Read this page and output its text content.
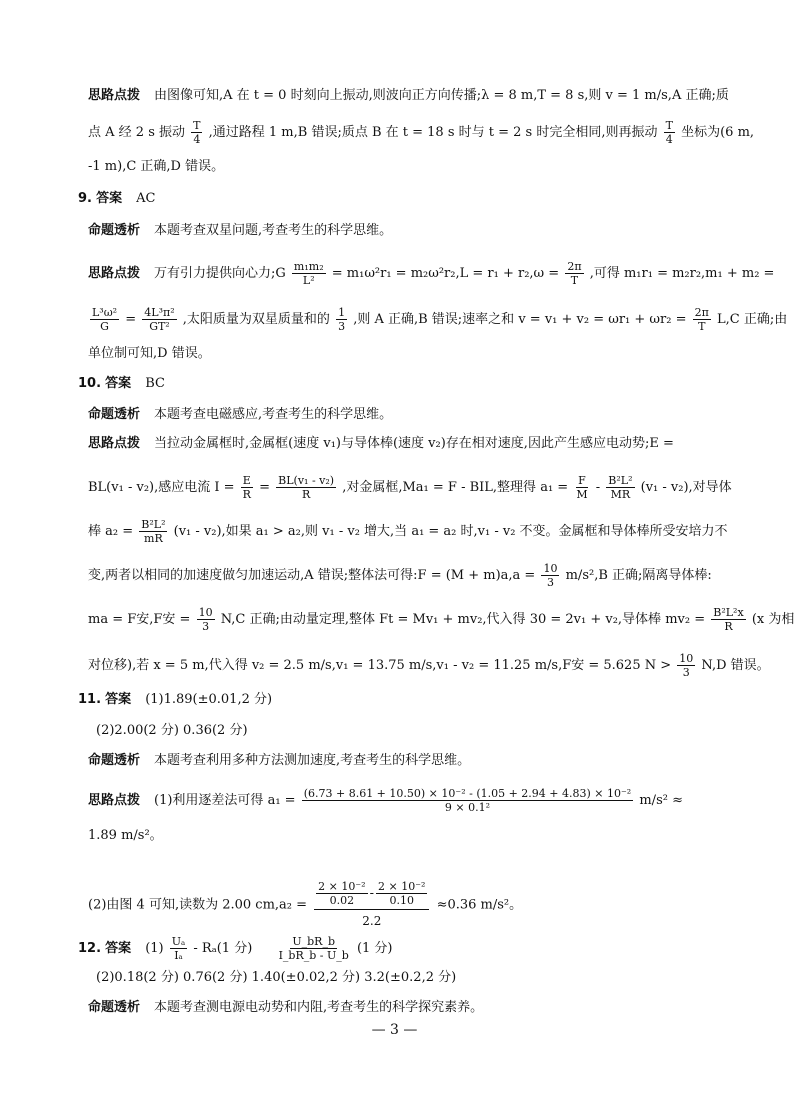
思路点拨 由图像可知,A 在 t = 0 时刻向上振动,则波向正方向传播;λ = 8 m,T = 8 s,则 v = 1 m/s,A 正确;质
点 A 经 2 s 振动 $\frac{T}{4}$ ,通过路程 1 m,B 错误;质点 B 在 t = 18 s 时与 t = 2 s 时完全相同,则再振动 $\frac{T}{4}$ 坐标为(6 m,
-1 m),C 正确,D 错误。
9. 答案 AC
命题透析 本题考查双星问题,考查考生的科学思维。
思路点拨 万有引力提供向心力;G $\frac{\text{m₁m₂}}{\text{L²}} = m_1\omega^2r_1 = m_2\omega^2r_2,L = r_1 + r_2,\omega = \frac{2\pi}{T}$ ,可得 m₁r₁ = m₂r₂,m₁ + m₂ =
$\frac{\text{L³ω²}}{G} = \frac{\text{4L³π²}}{\text{GT²}}$ ,太阳质量为双星质量和的 $\frac{1}{3}$ ,则 A 正确,B 错误;速率之和 $v = v_1 + v_2 = \omega r_1 + \omega r_2 = \frac{2\pi}{T} L,C$ 正确;由
单位制可知,D 错误。
10. 答案 BC
命题透析 本题考查电磁感应,考查考生的科学思维。
思路点拨 当拉动金属框时,金属框(速度 v₁)与导体棒(速度 v₂)存在相对速度,因此产生感应电动势;E =
BL(v₁ - v₂),感应电流 $I = \frac{E}{R} = \frac{\text{BL(v₁ - v₂)}}{R}$ ,对金属框,Ma₁ = F - BIL,整理得 $a_1 = \frac{F}{M} - \frac{\text{B²L²}}{MR} (v_1 - v_2)$,对导体
棒 $a_2 = \frac{\text{B²L²}}{mR} (v_1 - v_2)$,如果 a₁ > a₂,则 v₁ - v₂ 增大,当 a₁ = a₂ 时,v₁ - v₂ 不变。金属框和导体棒所受安培力不
变,两者以相同的加速度做匀加速运动,A 错误;整体法可得:F = $(M + m)a,a = \frac{10}{3} m/s^2,B$ 正确;隔离导体棒:
ma = F安,F安 = $\frac{10}{3} N,C$ 正确;由动量定理,整体 Ft = Mv₁ + mv₂,代入得 30 = 2v₁ + v₂,导体棒 $mv_2 = \frac{\text{B²L²x}}{R} (x$ 为相
对位移),若 x = 5 m,代入得 v₂ = 2.5 m/s,v₁ = 13.75 m/s,v₁ - v₂ = 11.25 m/s,F安 = 5.625 $N > \frac{10}{3} N,D$ 错误。
11. 答案 (1)1.89(±0.01,2 分)
(2)2.00(2 分) 0.36(2 分)
命题透析 本题考查利用多种方法测加速度,考查考生的科学思维。
思路点拨 (1)利用逐差法可得 $a_1 = \frac{\text{(6.73 + 8.61 + 10.50) × 10⁻² - (1.05 + 2.94 + 4.83) × 10⁻²}}{\text{9 × 0.1²}} m/s^2$ ≈
1.89 m/s²。
(2)由图 4 可知,读数为 2.00 $cm,a_2 = \frac{\frac{\text{2 × 10⁻²}}{0.02} - \frac{\text{2 × 10⁻²}}{0.10}}{2.2} \approx 0.36$ m/s²。
12. 答案 $(1) \frac{\text{Uₐ}}{\text{Iₐ}} - R_a(1$ 分) $\frac{U\_bR\_b}{I\_bR\_b - U\_b} (1$ 分)
(2)0.18(2 分) 0.76(2 分) 1.40(±0.02,2 分) 3.2(±0.2,2 分)
命题透析 本题考查测电源电动势和内阻,考查考生的科学探究素养。
— 3 —
